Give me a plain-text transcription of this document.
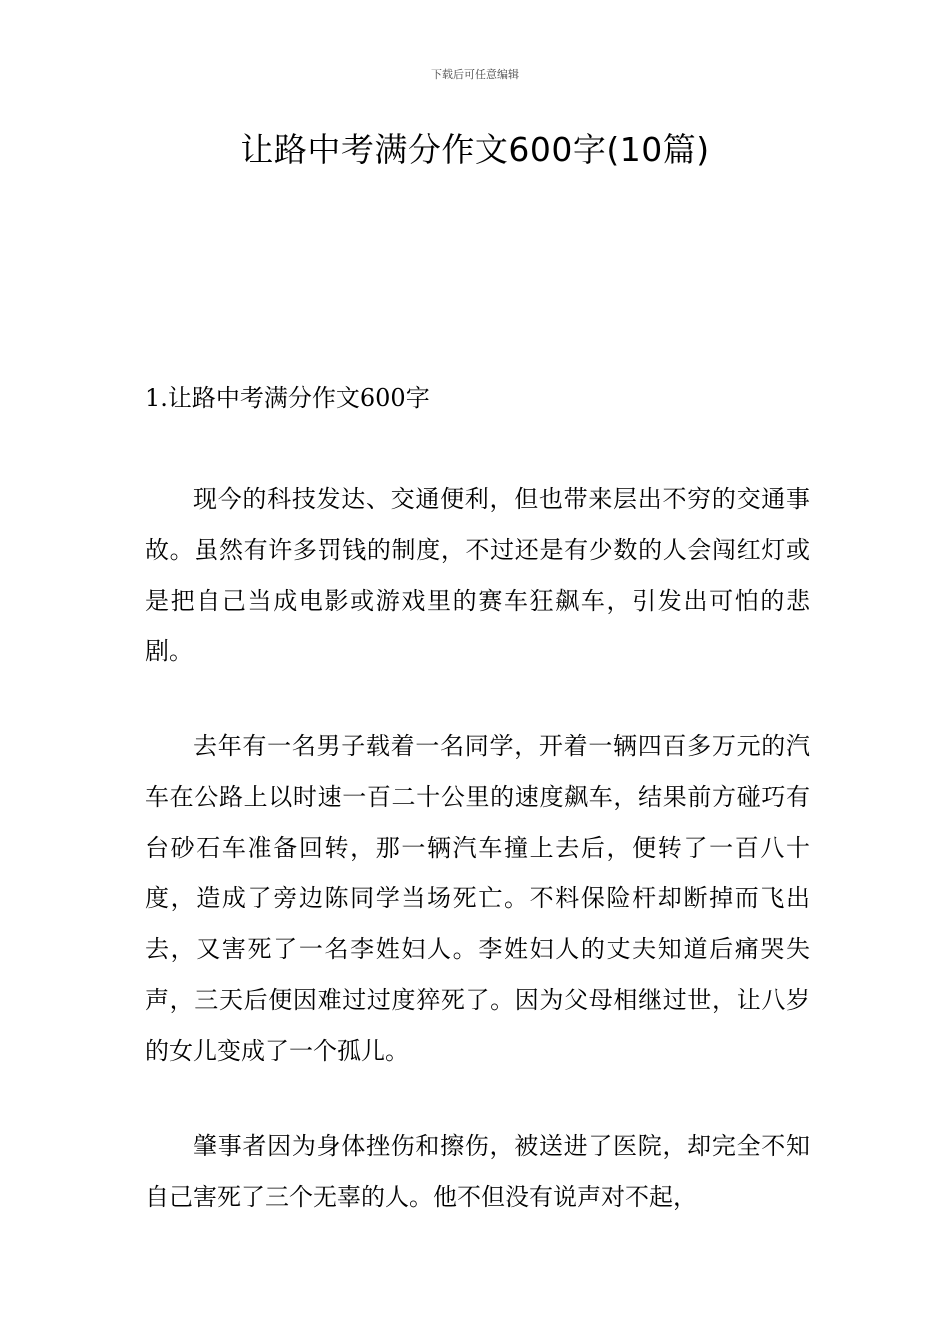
下载后可任意编辑
让路中考满分作文600字(10篇)
1.让路中考满分作文600字

现今的科技发达、交通便利，但也带来层出不穷的交通事故。虽然有许多罚钱的制度，不过还是有少数的人会闯红灯或是把自己当成电影或游戏里的赛车狂飙车，引发出可怕的悲剧。

去年有一名男子载着一名同学，开着一辆四百多万元的汽车在公路上以时速一百二十公里的速度飙车，结果前方碰巧有台砂石车准备回转，那一辆汽车撞上去后，便转了一百八十度，造成了旁边陈同学当场死亡。不料保险杆却断掉而飞出去，又害死了一名李姓妇人。李姓妇人的丈夫知道后痛哭失声，三天后便因难过过度猝死了。因为父母相继过世，让八岁的女儿变成了一个孤儿。

肇事者因为身体挫伤和擦伤，被送进了医院，却完全不知自己害死了三个无辜的人。他不但没有说声对不起，
